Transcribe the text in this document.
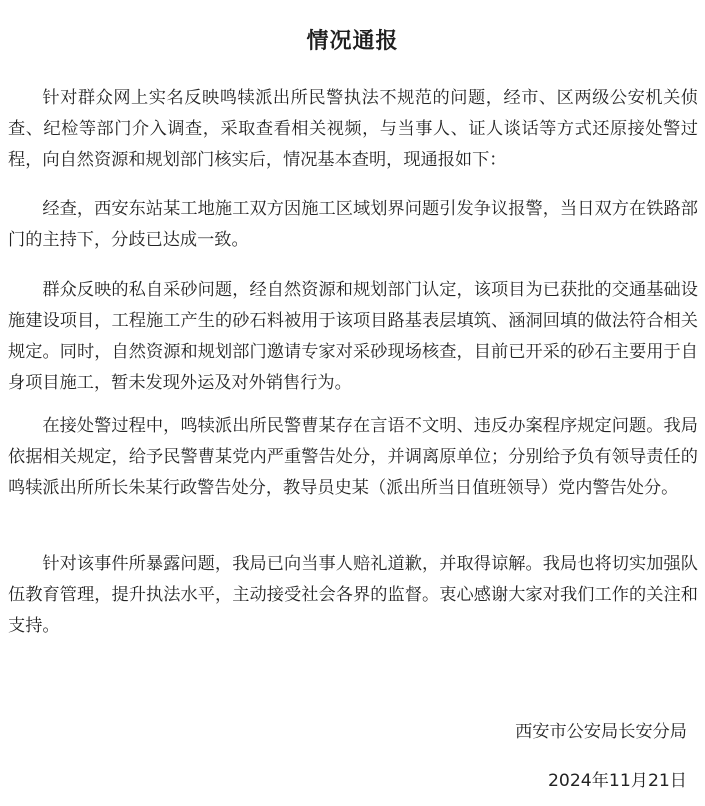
情况通报

针对群众网上实名反映鸣犊派出所民警执法不规范的问题，经市、区两级公安机关侦查、纪检等部门介入调查，采取查看相关视频，与当事人、证人谈话等方式还原接处警过程，向自然资源和规划部门核实后，情况基本查明，现通报如下：

经查，西安东站某工地施工双方因施工区域划界问题引发争议报警，当日双方在铁路部门的主持下，分歧已达成一致。

群众反映的私自采砂问题，经自然资源和规划部门认定，该项目为已获批的交通基础设施建设项目，工程施工产生的砂石料被用于该项目路基表层填筑、涵洞回填的做法符合相关规定。同时，自然资源和规划部门邀请专家对采砂现场核查，目前已开采的砂石主要用于自身项目施工，暂未发现外运及对外销售行为。

在接处警过程中，鸣犊派出所民警曹某存在言语不文明、违反办案程序规定问题。我局依据相关规定，给予民警曹某党内严重警告处分，并调离原单位；分别给予负有领导责任的鸣犊派出所所长朱某行政警告处分，教导员史某（派出所当日值班领导）党内警告处分。

针对该事件所暴露问题，我局已向当事人赔礼道歉，并取得谅解。我局也将切实加强队伍教育管理，提升执法水平，主动接受社会各界的监督。衷心感谢大家对我们工作的关注和支持。

西安市公安局长安分局
2024年11月21日
